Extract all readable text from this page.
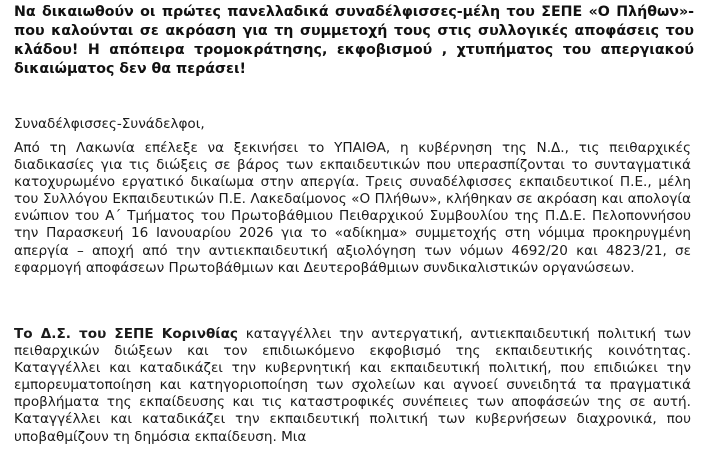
Να δικαιωθούν οι πρώτες πανελλαδικά συναδέλφισσες-μέλη του ΣΕΠΕ «Ο Πλήθων»- που καλούνται σε ακρόαση για τη συμμετοχή τους στις συλλογικές αποφάσεις του κλάδου! Η απόπειρα τρομοκράτησης, εκφοβισμού , χτυπήματος του απεργιακού δικαιώματος δεν θα περάσει!

Συναδέλφισσες-Συνάδελφοι,

Από τη Λακωνία επέλεξε να ξεκινήσει το ΥΠΑΙΘΑ, η κυβέρνηση της Ν.Δ., τις πειθαρχικές διαδικασίες για τις διώξεις σε βάρος των εκπαιδευτικών που υπερασπίζονται το συνταγματικά κατοχυρωμένο εργατικό δικαίωμα στην απεργία. Τρεις συναδέλφισσες εκπαιδευτικοί Π.Ε., μέλη του Συλλόγου Εκπαιδευτικών Π.Ε. Λακεδαίμονος «Ο Πλήθων», κλήθηκαν σε ακρόαση και απολογία ενώπιον του Α΄ Τμήματος του Πρωτοβάθμιου Πειθαρχικού Συμβουλίου της Π.Δ.Ε. Πελοποννήσου την Παρασκευή 16 Ιανουαρίου 2026 για το «αδίκημα» συμμετοχής στη νόμιμα προκηρυγμένη απεργία – αποχή από την αντιεκπαιδευτική αξιολόγηση των νόμων 4692/20 και 4823/21, σε εφαρμογή αποφάσεων Πρωτοβάθμιων και Δευτεροβάθμιων συνδικαλιστικών οργανώσεων.

Το Δ.Σ. του ΣΕΠΕ Κορινθίας καταγγέλλει την αντεργατική, αντιεκπαιδευτική πολιτική των πειθαρχικών διώξεων και τον επιδιωκόμενο εκφοβισμό της εκπαιδευτικής κοινότητας. Καταγγέλλει και καταδικάζει την κυβερνητική και εκπαιδευτική πολιτική, που επιδιώκει την εμπορευματοποίηση και κατηγοριοποίηση των σχολείων και αγνοεί συνειδητά τα πραγματικά προβλήματα της εκπαίδευσης και τις καταστροφικές συνέπειες των αποφάσεών της σε αυτή. Καταγγέλλει και καταδικάζει την εκπαιδευτική πολιτική των κυβερνήσεων διαχρονικά, που υποβαθμίζουν τη δημόσια εκπαίδευση. Μια
